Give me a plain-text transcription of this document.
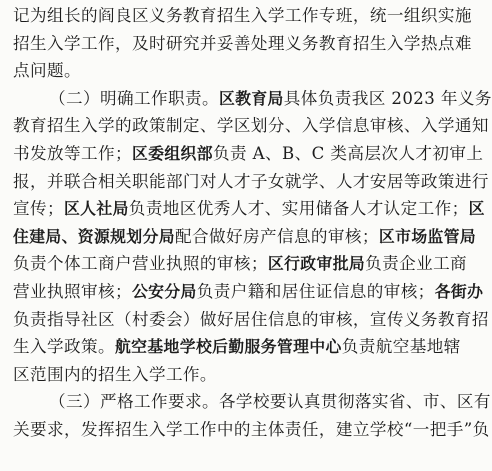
记为组长的阎良区义务教育招生入学工作专班，统一组织实施
招生入学工作，及时研究并妥善处理义务教育招生入学热点难
点问题。
（二）明确工作职责。区教育局具体负责我区 2023 年义务
教育招生入学的政策制定、学区划分、入学信息审核、入学通知
书发放等工作；区委组织部负责 A、B、C 类高层次人才初审上
报，并联合相关职能部门对人才子女就学、人才安居等政策进行
宣传；区人社局负责地区优秀人才、实用储备人才认定工作；区
住建局、资源规划分局配合做好房产信息的审核；区市场监管局
负责个体工商户营业执照的审核；区行政审批局负责企业工商
营业执照审核；公安分局负责户籍和居住证信息的审核；各街办
负责指导社区（村委会）做好居住信息的审核，宣传义务教育招
生入学政策。航空基地学校后勤服务管理中心负责航空基地辖
区范围内的招生入学工作。
（三）严格工作要求。各学校要认真贯彻落实省、市、区有
关要求，发挥招生入学工作中的主体责任，建立学校“一把手”负
